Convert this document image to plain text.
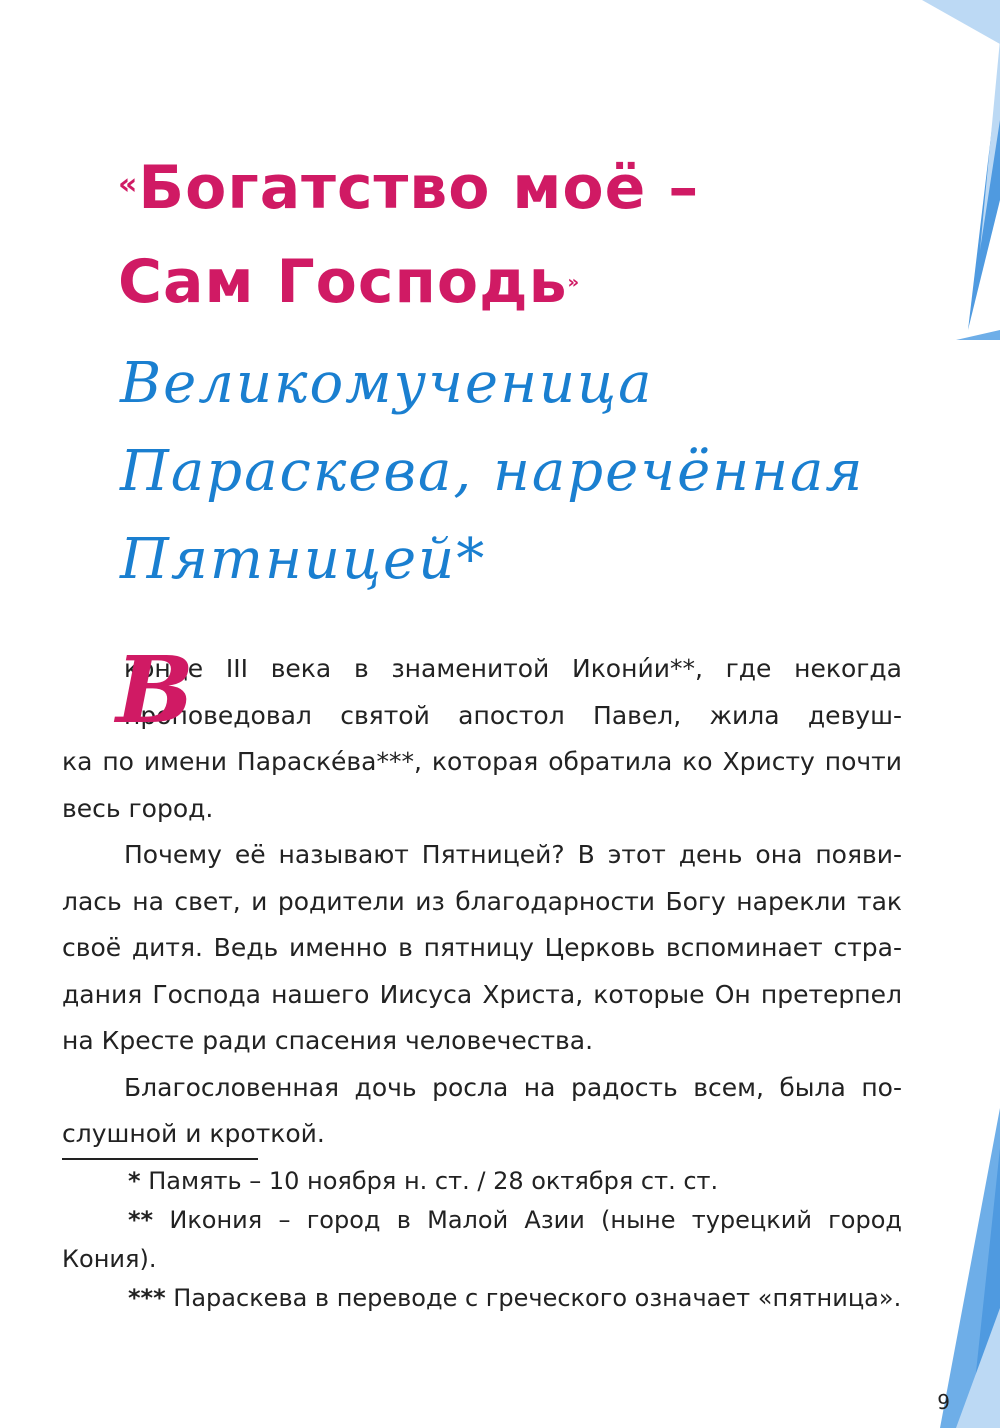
«Богатство моё –
Сам Господь»
Великомученица
Параскева, наречённая
Пятницей*
В
конце III века в знаменитой Икони́и**, где некогда
проповедовал святой апостол Павел, жила девуш-
ка по имени Параске́ва***, которая обратила ко Христу почти
весь город.
Почему её называют Пятницей? В этот день она появи-
лась на свет, и родители из благодарности Богу нарекли так
своё дитя. Ведь именно в пятницу Церковь вспоминает стра-
дания Господа нашего Иисуса Христа, которые Он претерпел
на Кресте ради спасения человечества.
Благословенная дочь росла на радость всем, была по-
слушной и кроткой.
* Память – 10 ноября н. ст. / 28 октября ст. ст.
** Икония – город в Малой Азии (ныне турецкий город
Кония).
*** Параскева в переводе с греческого означает «пятница».
9
